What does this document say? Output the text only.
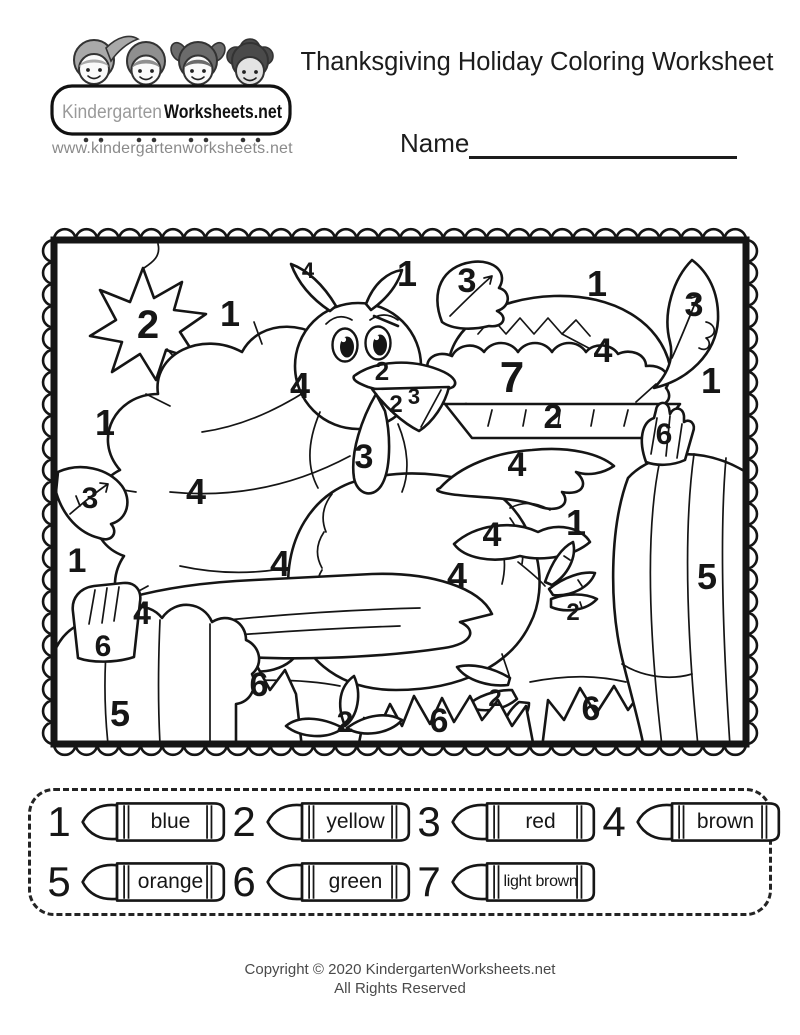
Kindergarten Worksheets.net
www.kindergartenworksheets.net
Thanksgiving Holiday Coloring Worksheet
Name
4 1 3	1
3
1
2
4
4 2
2 3 7	1
2	6
1
3	4
4
3
1
4
1	4	4	5
2
4
6
6	2
5	2 6	6
1	blue 2	yellow 3	red	4	brown
5	orange 6	green 7	light brown
Copyright © 2020 KindergartenWorksheets.net
All Rights Reserved
